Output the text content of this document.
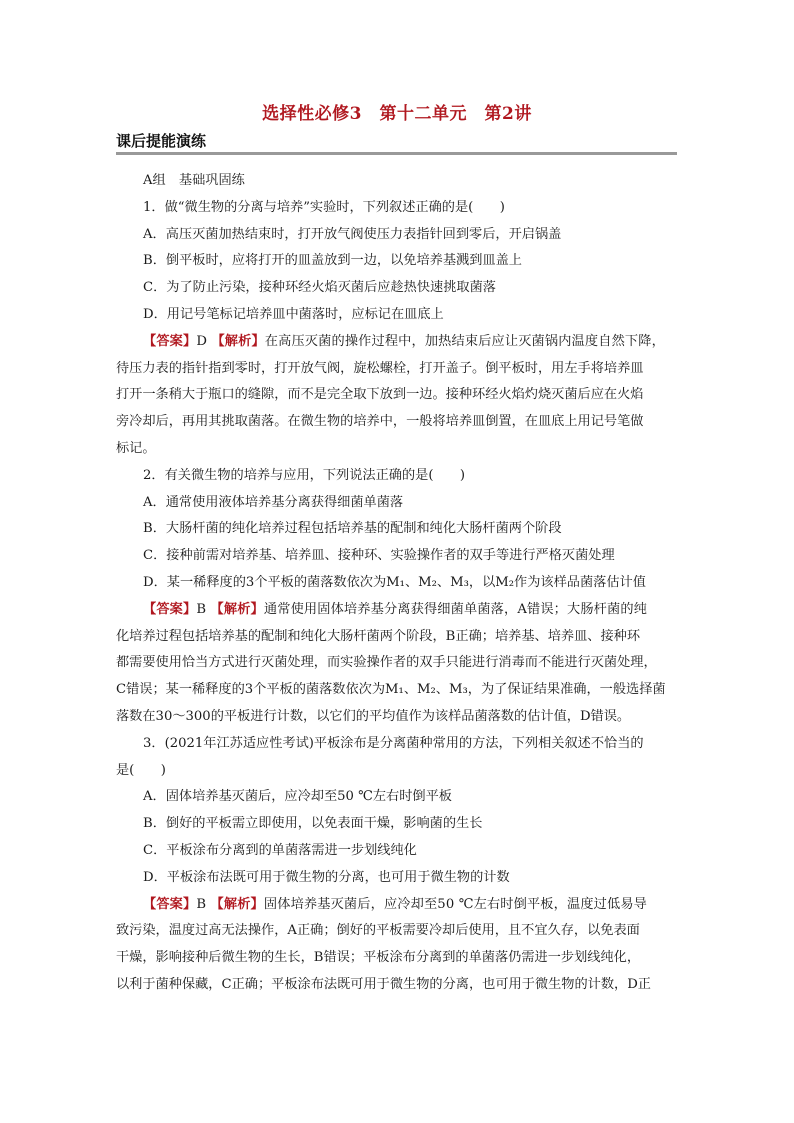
选择性必修3　第十二单元　第2讲
课后提能演练
A组　基础巩固练
1．做“微生物的分离与培养”实验时，下列叙述正确的是(　　)
A．高压灭菌加热结束时，打开放气阀使压力表指针回到零后，开启锅盖
B．倒平板时，应将打开的皿盖放到一边，以免培养基溅到皿盖上
C．为了防止污染，接种环经火焰灭菌后应趁热快速挑取菌落
D．用记号笔标记培养皿中菌落时，应标记在皿底上
【答案】D 【解析】在高压灭菌的操作过程中，加热结束后应让灭菌锅内温度自然下降，
待压力表的指针指到零时，打开放气阀，旋松螺栓，打开盖子。倒平板时，用左手将培养皿
打开一条稍大于瓶口的缝隙，而不是完全取下放到一边。接种环经火焰灼烧灭菌后应在火焰
旁冷却后，再用其挑取菌落。在微生物的培养中，一般将培养皿倒置，在皿底上用记号笔做
标记。
2．有关微生物的培养与应用，下列说法正确的是(　　)
A．通常使用液体培养基分离获得细菌单菌落
B．大肠杆菌的纯化培养过程包括培养基的配制和纯化大肠杆菌两个阶段
C．接种前需对培养基、培养皿、接种环、实验操作者的双手等进行严格灭菌处理
D．某一稀释度的3个平板的菌落数依次为M₁、M₂、M₃，以M₂作为该样品菌落估计值
【答案】B 【解析】通常使用固体培养基分离获得细菌单菌落，A错误；大肠杆菌的纯
化培养过程包括培养基的配制和纯化大肠杆菌两个阶段，B正确；培养基、培养皿、接种环
都需要使用恰当方式进行灭菌处理，而实验操作者的双手只能进行消毒而不能进行灭菌处理，
C错误；某一稀释度的3个平板的菌落数依次为M₁、M₂、M₃，为了保证结果准确，一般选择菌
落数在30～300的平板进行计数，以它们的平均值作为该样品菌落数的估计值，D错误。
3．(2021年江苏适应性考试)平板涂布是分离菌种常用的方法，下列相关叙述不恰当的
是(　　)
A．固体培养基灭菌后，应冷却至50 ℃左右时倒平板
B．倒好的平板需立即使用，以免表面干燥，影响菌的生长
C．平板涂布分离到的单菌落需进一步划线纯化
D．平板涂布法既可用于微生物的分离，也可用于微生物的计数
【答案】B 【解析】固体培养基灭菌后，应冷却至50 ℃左右时倒平板，温度过低易导
致污染，温度过高无法操作，A正确；倒好的平板需要冷却后使用，且不宜久存，以免表面
干燥，影响接种后微生物的生长，B错误；平板涂布分离到的单菌落仍需进一步划线纯化，
以利于菌种保藏，C正确；平板涂布法既可用于微生物的分离，也可用于微生物的计数，D正
